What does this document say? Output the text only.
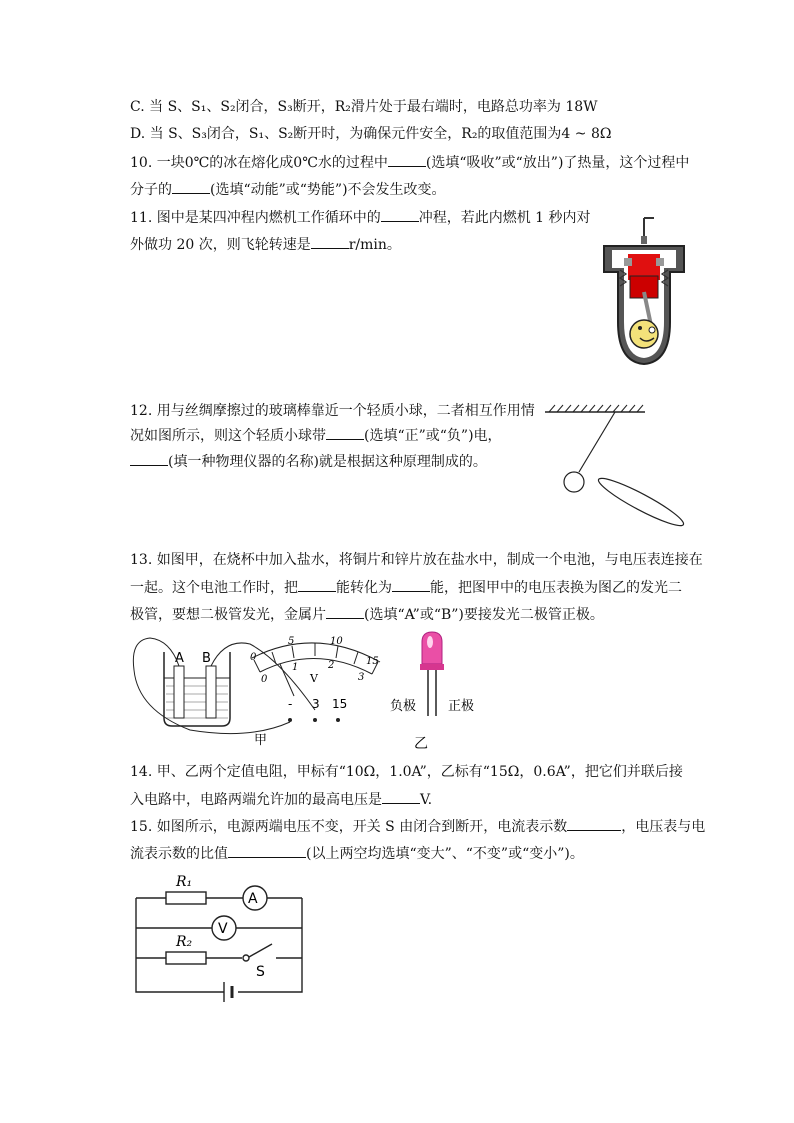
C. 当 S、S₁、S₂闭合，S₃断开，R₂滑片处于最右端时，电路总功率为 18W
D. 当 S、S₃闭合，S₁、S₂断开时，为确保元件安全，R₂的取值范围为4 ~ 8Ω
10. 一块0℃的冰在熔化成0℃水的过程中	(选填“吸收”或“放出”)了热量，这个过程中
分子的	(选填“动能”或“势能”)不会发生改变。
11. 图中是某四冲程内燃机工作循环中的	冲程，若此内燃机 1 秒内对
外做功 20 次，则飞轮转速是	r/min。
12. 用与丝绸摩擦过的玻璃棒靠近一个轻质小球，二者相互作用情
况如图所示，则这个轻质小球带	(选填“正”或“负”)电，
(填一种物理仪器的名称)就是根据这种原理制成的。
13. 如图甲，在烧杯中加入盐水，将铜片和锌片放在盐水中，制成一个电池，与电压表连接在
一起。这个电池工作时，把	能转化为	能，把图甲中的电压表换为图乙的发光二
极管，要想二极管发光，金属片	(选填“A”或“B”)要接发光二极管正极。
A B	0
5	10
15
0
1	2
3
V
- 3 15
甲
负极 正极
乙
14. 甲、乙两个定值电阻，甲标有“10Ω，1.0A”，乙标有“15Ω，0.6A”，把它们并联后接
入电路中，电路两端允许加的最高电压是	V.
15. 如图所示，电源两端电压不变，开关 S 由闭合到断开，电流表示数	，电压表与电
流表示数的比值	(以上两空均选填“变大”、“不变”或“变小”)。
R₁
R₂
A
V
S
